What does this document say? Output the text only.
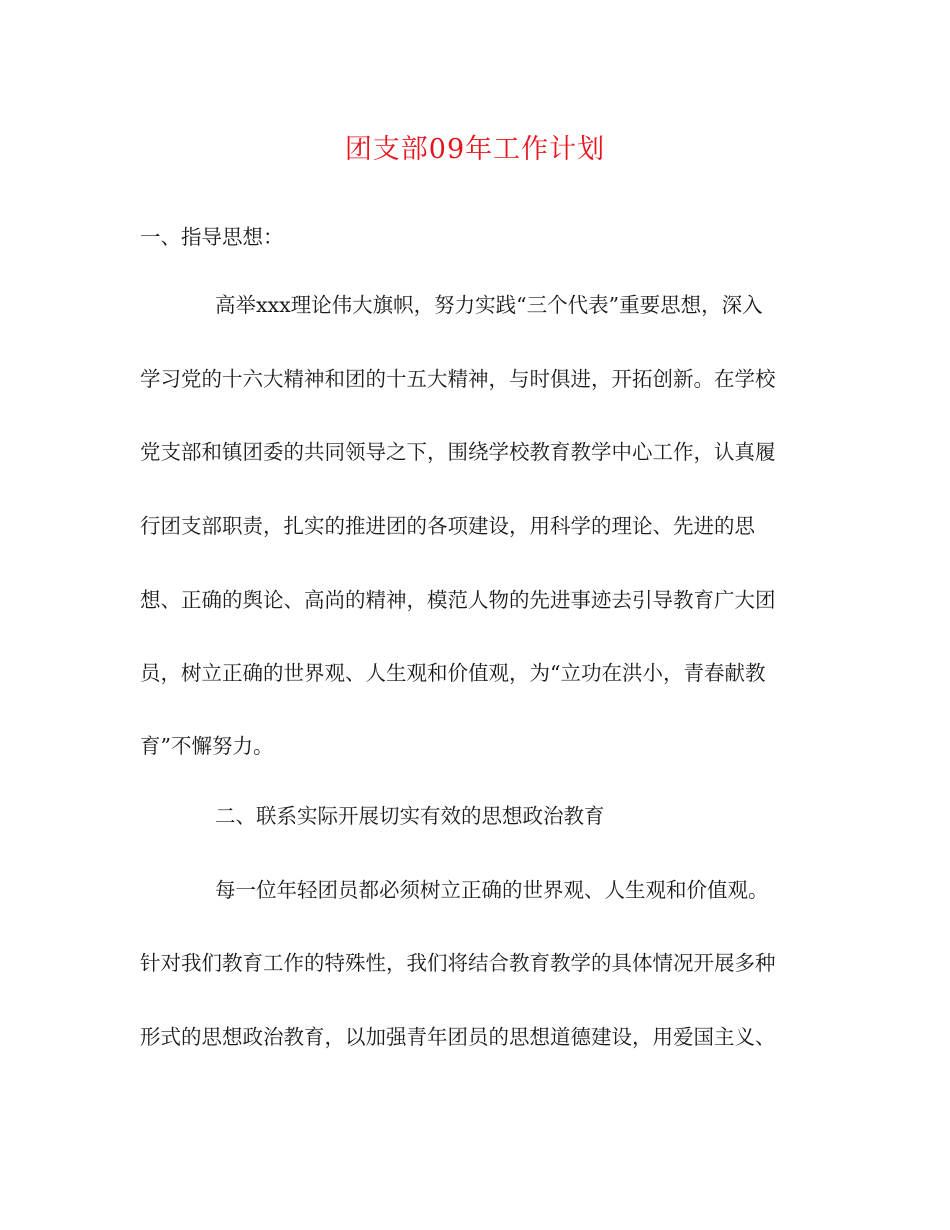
团支部09年工作计划
一、指导思想：
高举xxx理论伟大旗帜，努力实践“三个代表”重要思想，深入
学习党的十六大精神和团的十五大精神，与时俱进，开拓创新。在学校
党支部和镇团委的共同领导之下，围绕学校教育教学中心工作，认真履
行团支部职责，扎实的推进团的各项建设，用科学的理论、先进的思
想、正确的舆论、高尚的精神，模范人物的先进事迹去引导教育广大团
员，树立正确的世界观、人生观和价值观，为“立功在洪小，青春献教
育”不懈努力。
二、联系实际开展切实有效的思想政治教育
每一位年轻团员都必须树立正确的世界观、人生观和价值观。
针对我们教育工作的特殊性，我们将结合教育教学的具体情况开展多种
形式的思想政治教育，以加强青年团员的思想道德建设，用爱国主义、
